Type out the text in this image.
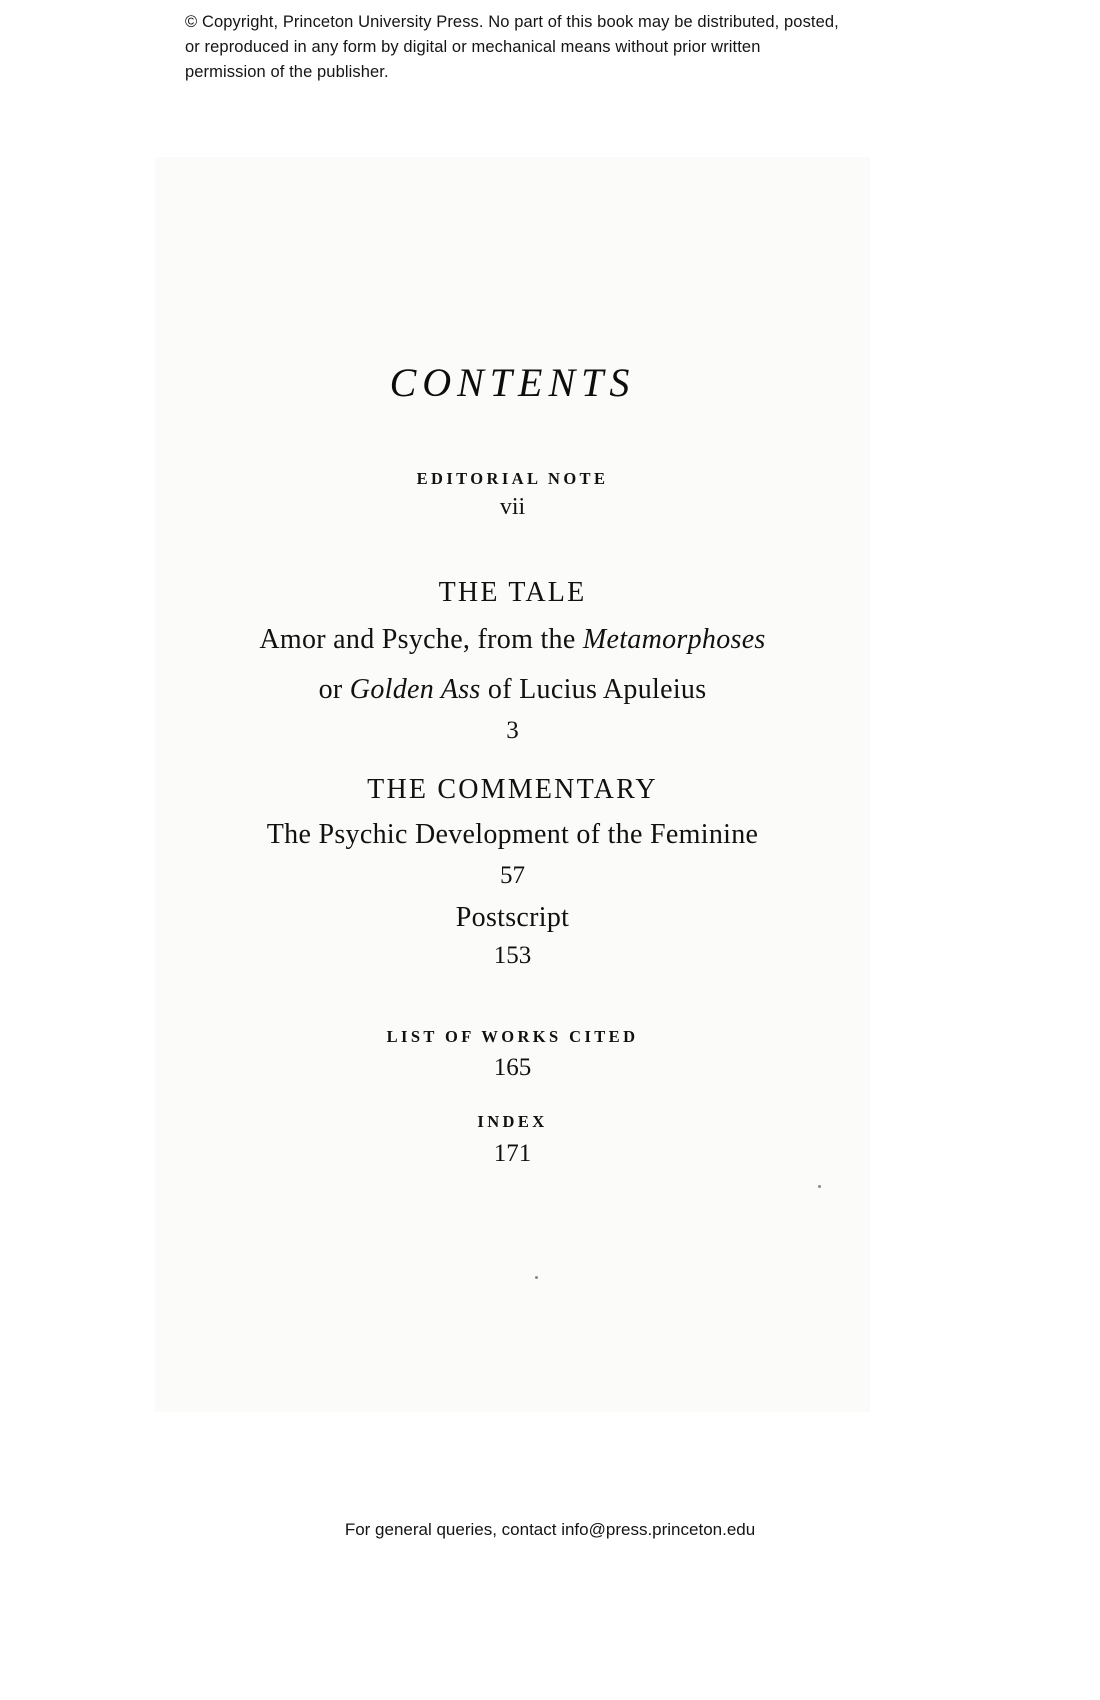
© Copyright, Princeton University Press. No part of this book may be distributed, posted, or reproduced in any form by digital or mechanical means without prior written permission of the publisher.
CONTENTS
EDITORIAL NOTE
vii
THE TALE
Amor and Psyche, from the Metamorphoses
or Golden Ass of Lucius Apuleius
3
THE COMMENTARY
The Psychic Development of the Feminine
57
Postscript
153
LIST OF WORKS CITED
165
INDEX
171
For general queries, contact info@press.princeton.edu
